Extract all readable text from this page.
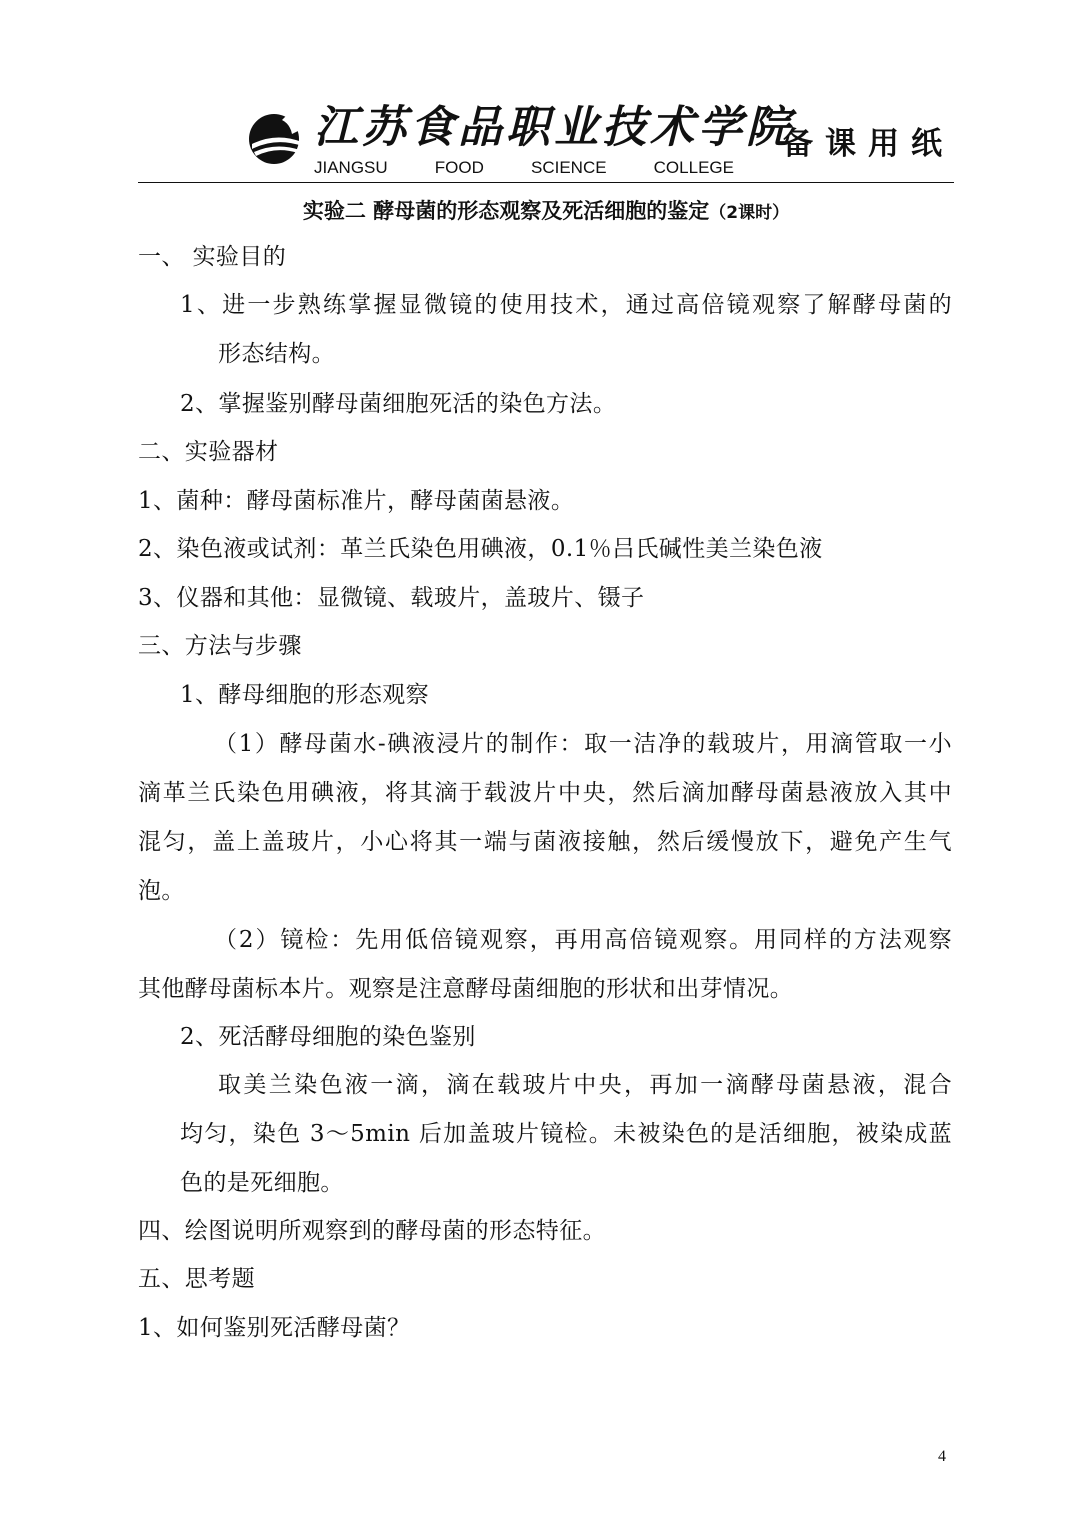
江苏食品职业技术学院
JIANGSU	FOOD	SCIENCE	COLLEGE
备课用纸
实验二 酵母菌的形态观察及死活细胞的鉴定（2课时）
一、 实验目的
1、进一步熟练掌握显微镜的使用技术，通过高倍镜观察了解酵母菌的
形态结构。
2、掌握鉴别酵母菌细胞死活的染色方法。
二、实验器材
1、菌种：酵母菌标准片，酵母菌菌悬液。
2、染色液或试剂：革兰氏染色用碘液，0.1％吕氏碱性美兰染色液
3、仪器和其他：显微镜、载玻片，盖玻片、镊子
三、方法与步骤
1、酵母细胞的形态观察
（1）酵母菌水-碘液浸片的制作：取一洁净的载玻片，用滴管取一小
滴革兰氏染色用碘液，将其滴于载波片中央，然后滴加酵母菌悬液放入其中
混匀，盖上盖玻片，小心将其一端与菌液接触，然后缓慢放下，避免产生气
泡。
（2）镜检：先用低倍镜观察，再用高倍镜观察。用同样的方法观察
其他酵母菌标本片。观察是注意酵母菌细胞的形状和出芽情况。
2、死活酵母细胞的染色鉴别
取美兰染色液一滴，滴在载玻片中央，再加一滴酵母菌悬液，混合
均匀，染色 3～5min 后加盖玻片镜检。未被染色的是活细胞，被染成蓝
色的是死细胞。
四、绘图说明所观察到的酵母菌的形态特征。
五、思考题
1、如何鉴别死活酵母菌？
4
